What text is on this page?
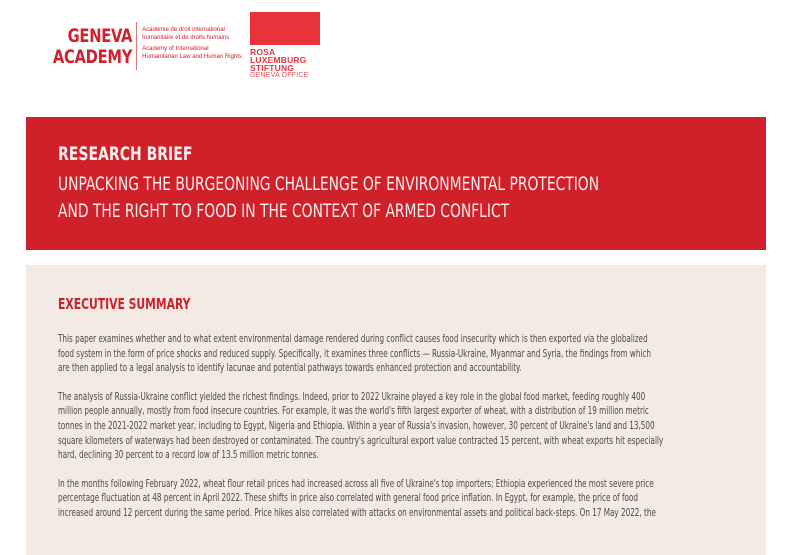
GENEVA
ACADEMY
Académie de droit international
humanitaire et de droits humains
Academy of International
Humanitarian Law and Human Rights ROSA
LUXEMBURG
STIFTUNG
GENEVA OFFICE
RESEARCH BRIEF
UNPACKING THE BURGEONING CHALLENGE OF ENVIRONMENTAL PROTECTION
AND THE RIGHT TO FOOD IN THE CONTEXT OF ARMED CONFLICT
EXECUTIVE SUMMARY

This paper examines whether and to what extent environmental damage rendered during conflict causes food insecurity which is then exported via the globalized
food system in the form of price shocks and reduced supply. Specifically, it examines three conflicts — Russia-Ukraine, Myanmar and Syria, the findings from which
are then applied to a legal analysis to identify lacunae and potential pathways towards enhanced protection and accountability.

The analysis of Russia-Ukraine conflict yielded the richest findings. Indeed, prior to 2022 Ukraine played a key role in the global food market, feeding roughly 400
million people annually, mostly from food insecure countries. For example, it was the world's fifth largest exporter of wheat, with a distribution of 19 million metric
tonnes in the 2021-2022 market year, including to Egypt, Nigeria and Ethiopia. Within a year of Russia's invasion, however, 30 percent of Ukraine's land and 13,500
square kilometers of waterways had been destroyed or contaminated. The country's agricultural export value contracted 15 percent, with wheat exports hit especially
hard, declining 30 percent to a record low of 13.5 million metric tonnes.

In the months following February 2022, wheat flour retail prices had increased across all five of Ukraine's top importers; Ethiopia experienced the most severe price
percentage fluctuation at 48 percent in April 2022. These shifts in price also correlated with general food price inflation. In Egypt, for example, the price of food
increased around 12 percent during the same period. Price hikes also correlated with attacks on environmental assets and political back-steps. On 17 May 2022, the
